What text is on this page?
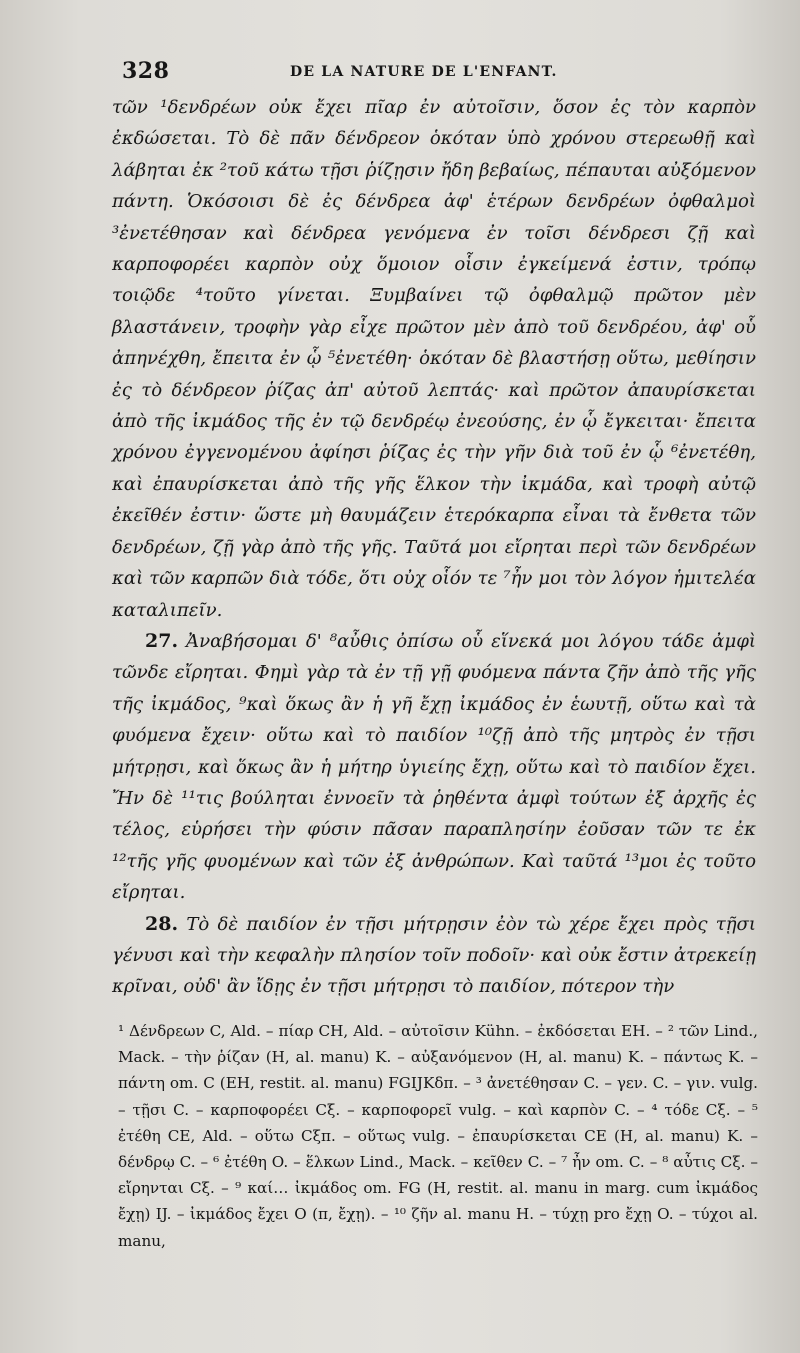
328	DE LA NATURE DE L'ENFANT.

τῶν ¹δενδρέων οὐκ ἔχει πῖαρ ἐν αὐτοῖσιν, ὅσον ἐς τὸν καρπὸν ἐκδώσεται. Τὸ δὲ πᾶν δένδρεον ὁκόταν ὑπὸ χρόνου στερεωθῇ καὶ λάβηται ἐκ ²τοῦ κάτω τῇσι ῥίζῃσιν ἤδη βεβαίως, πέπαυται αὐξόμενον πάντη. Ὁκόσοισι δὲ ἐς δένδρεα ἀφ' ἑτέρων δενδρέων ὀφθαλμοὶ ³ἐνετέθησαν καὶ δένδρεα γενόμενα ἐν τοῖσι δένδρεσι ζῇ καὶ καρποφορέει καρπὸν οὐχ ὅμοιον οἷσιν ἐγκείμενά ἐστιν, τρόπῳ τοιῷδε ⁴τοῦτο γίνεται. Ξυμβαίνει τῷ ὀφθαλμῷ πρῶτον μὲν βλαστάνειν, τροφὴν γὰρ εἶχε πρῶτον μὲν ἀπὸ τοῦ δενδρέου, ἀφ' οὗ ἀπηνέχθη, ἔπειτα ἐν ᾧ ⁵ἐνετέθη· ὁκόταν δὲ βλαστήσῃ οὕτω, μεθίησιν ἐς τὸ δένδρεον ῥίζας ἀπ' αὐτοῦ λεπτάς· καὶ πρῶτον ἀπαυρίσκεται ἀπὸ τῆς ἰκμάδος τῆς ἐν τῷ δενδρέῳ ἐνεούσης, ἐν ᾧ ἔγκειται· ἔπειτα χρόνου ἐγγενομένου ἀφίησι ῥίζας ἐς τὴν γῆν διὰ τοῦ ἐν ᾧ ⁶ἐνετέθη, καὶ ἐπαυρίσκεται ἀπὸ τῆς γῆς ἕλκον τὴν ἰκμάδα, καὶ τροφὴ αὐτῷ ἐκεῖθέν ἐστιν· ὥστε μὴ θαυμάζειν ἑτερόκαρπα εἶναι τὰ ἔνθετα τῶν δενδρέων, ζῇ γὰρ ἀπὸ τῆς γῆς. Ταῦτά μοι εἴρηται περὶ τῶν δενδρέων καὶ τῶν καρπῶν διὰ τόδε, ὅτι οὐχ οἷόν τε ⁷ἦν μοι τὸν λόγον ἡμιτελέα καταλιπεῖν.

27. Ἀναβήσομαι δ' ⁸αὖθις ὀπίσω οὗ εἵνεκά μοι λόγου τάδε ἀμφὶ τῶνδε εἴρηται. Φημὶ γὰρ τὰ ἐν τῇ γῇ φυόμενα πάντα ζῆν ἀπὸ τῆς γῆς τῆς ἰκμάδος, ⁹καὶ ὅκως ἂν ἡ γῆ ἔχῃ ἰκμάδος ἐν ἑωυτῇ, οὕτω καὶ τὰ φυόμενα ἔχειν· οὕτω καὶ τὸ παιδίον ¹⁰ζῇ ἀπὸ τῆς μητρὸς ἐν τῇσι μήτρῃσι, καὶ ὅκως ἂν ἡ μήτηρ ὑγιείης ἔχῃ, οὕτω καὶ τὸ παιδίον ἔχει. Ἤν δὲ ¹¹τις βούληται ἐννοεῖν τὰ ῥηθέντα ἀμφὶ τούτων ἐξ ἀρχῆς ἐς τέλος, εὑρήσει τὴν φύσιν πᾶσαν παραπλησίην ἐοῦσαν τῶν τε ἐκ ¹²τῆς γῆς φυομένων καὶ τῶν ἐξ ἀνθρώπων. Καὶ ταῦτά ¹³μοι ἐς τοῦτο εἴρηται.

28. Τὸ δὲ παιδίον ἐν τῇσι μήτρῃσιν ἐὸν τὼ χέρε ἔχει πρὸς τῇσι γένυσι καὶ τὴν κεφαλὴν πλησίον τοῖν ποδοῖν· καὶ οὐκ ἔστιν ἀτρεκείῃ κρῖναι, οὐδ' ἂν ἴδῃς ἐν τῇσι μήτρῃσι τὸ παιδίον, πότερον τὴν

¹ Δένδρεων C, Ald. – πίαρ CH, Ald. – αὐτοῖσιν Kühn. – ἐκδόσεται EH. – ² τῶν Lind., Mack. – τὴν ῥίζαν (H, al. manu) K. – αὐξανόμενον (H, al. manu) K. – πάντως K. – πάντη om. C (EH, restit. al. manu) FGIJKδπ. – ³ ἀνετέθησαν C. – γεν. C. – γιν. vulg. – τῇσι C. – καρποφορέει Cξ. – καρποφορεῖ vulg. – καὶ καρπὸν C. – ⁴ τόδε Cξ. – ⁵ ἐτέθη CE, Ald. – οὕτω Cξπ. – οὕτως vulg. – ἐπαυρίσκεται CE (H, al. manu) K. – δένδρῳ C. – ⁶ ἐτέθη O. – ἕλκων Lind., Mack. – κεῖθεν C. – ⁷ ἦν om. C. – ⁸ αὖτις Cξ. – εἴρηνται Cξ. – ⁹ καί… ἰκμάδος om. FG (H, restit. al. manu in marg. cum ἰκμάδος ἔχῃ) IJ. – ἰκμάδος ἔχει O (π, ἔχῃ). – ¹⁰ ζῆν al. manu H. – τύχῃ pro ἔχῃ O. – τύχοι al. manu,
